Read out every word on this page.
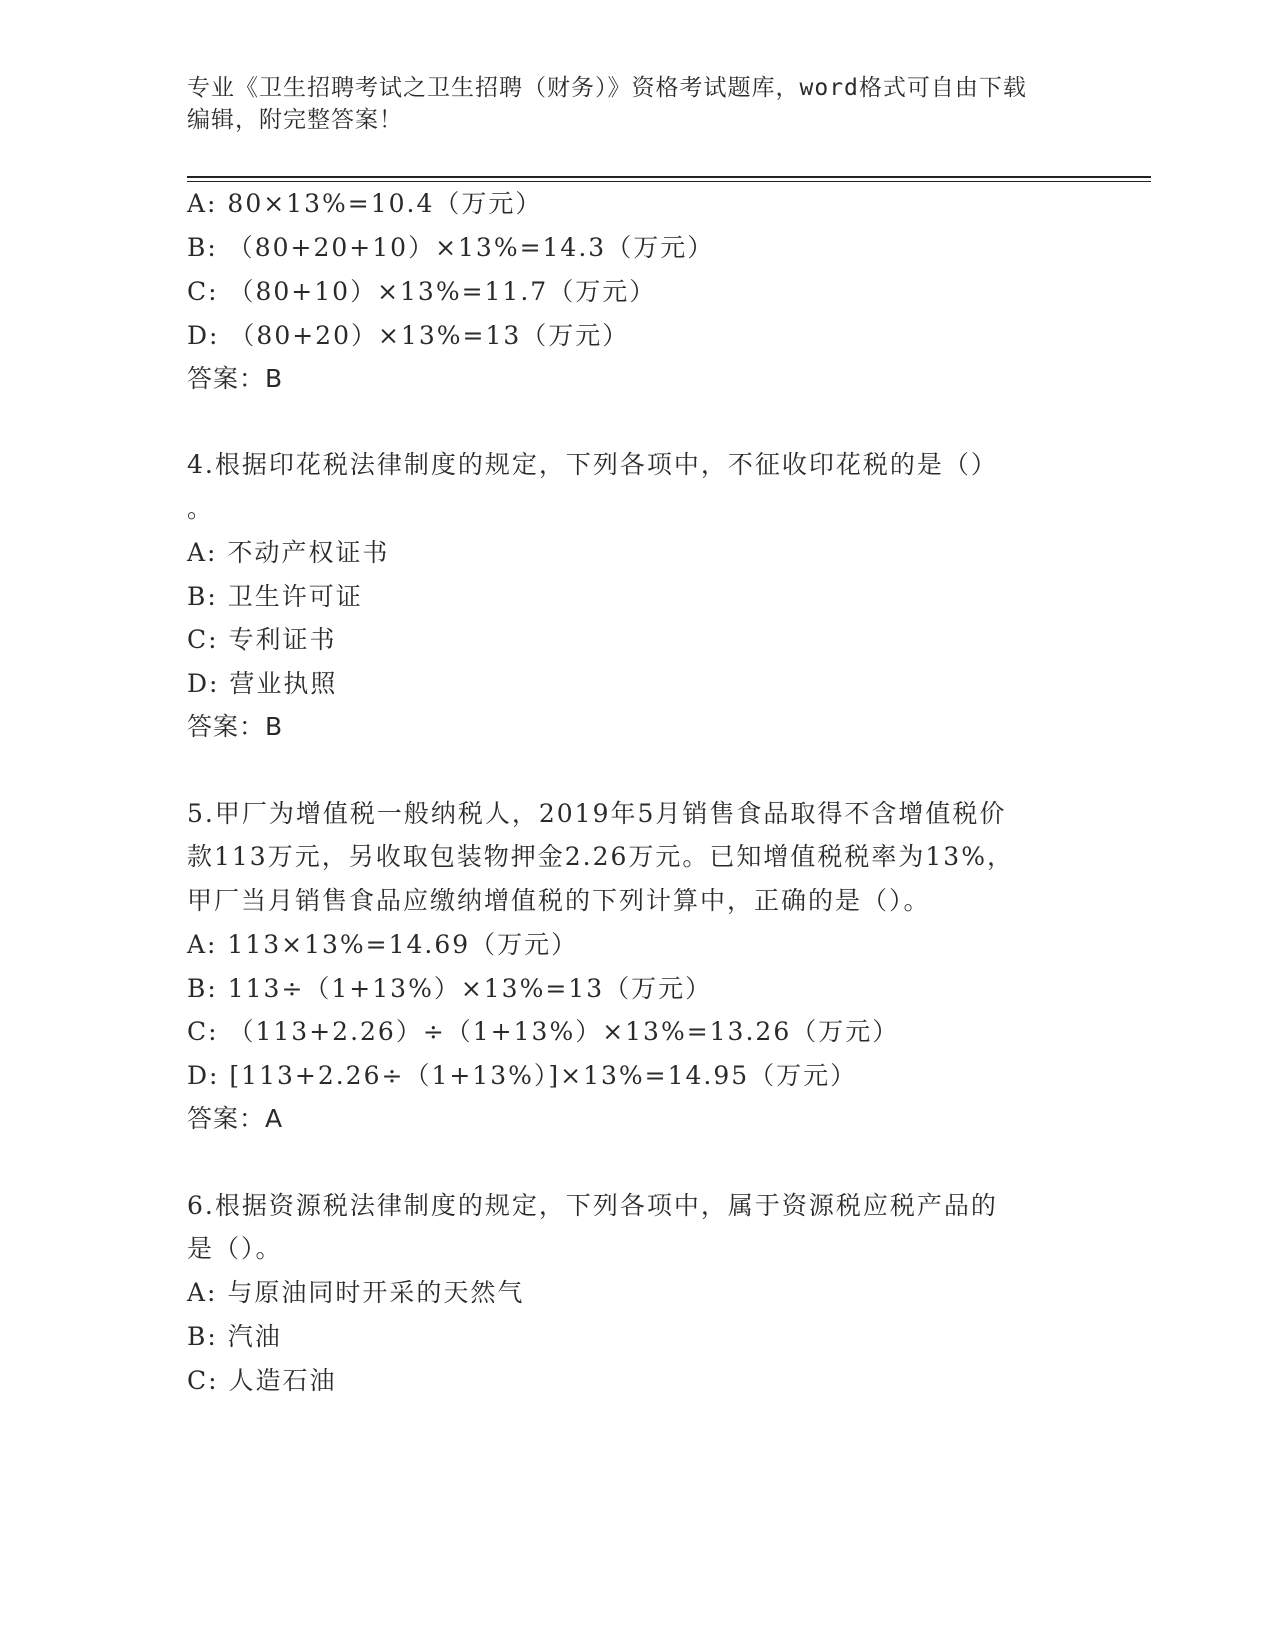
专业《卫生招聘考试之卫生招聘（财务）》资格考试题库，word格式可自由下载
编辑，附完整答案！
A: 80×13%=10.4（万元）
B: （80+20+10）×13%=14.3（万元）
C: （80+10）×13%=11.7（万元）
D: （80+20）×13%=13（万元）
答案：B
4.根据印花税法律制度的规定，下列各项中，不征收印花税的是（）
。
A: 不动产权证书
B: 卫生许可证
C: 专利证书
D: 营业执照
答案：B
5.甲厂为增值税一般纳税人，2019年5月销售食品取得不含增值税价
款113万元，另收取包装物押金2.26万元。已知增值税税率为13%，
甲厂当月销售食品应缴纳增值税的下列计算中，正确的是（）。
A: 113×13%=14.69（万元）
B: 113÷（1+13%）×13%=13（万元）
C: （113+2.26）÷（1+13%）×13%=13.26（万元）
D: [113+2.26÷（1+13%）]×13%=14.95（万元）
答案：A
6.根据资源税法律制度的规定，下列各项中，属于资源税应税产品的
是（）。
A: 与原油同时开采的天然气
B: 汽油
C: 人造石油
